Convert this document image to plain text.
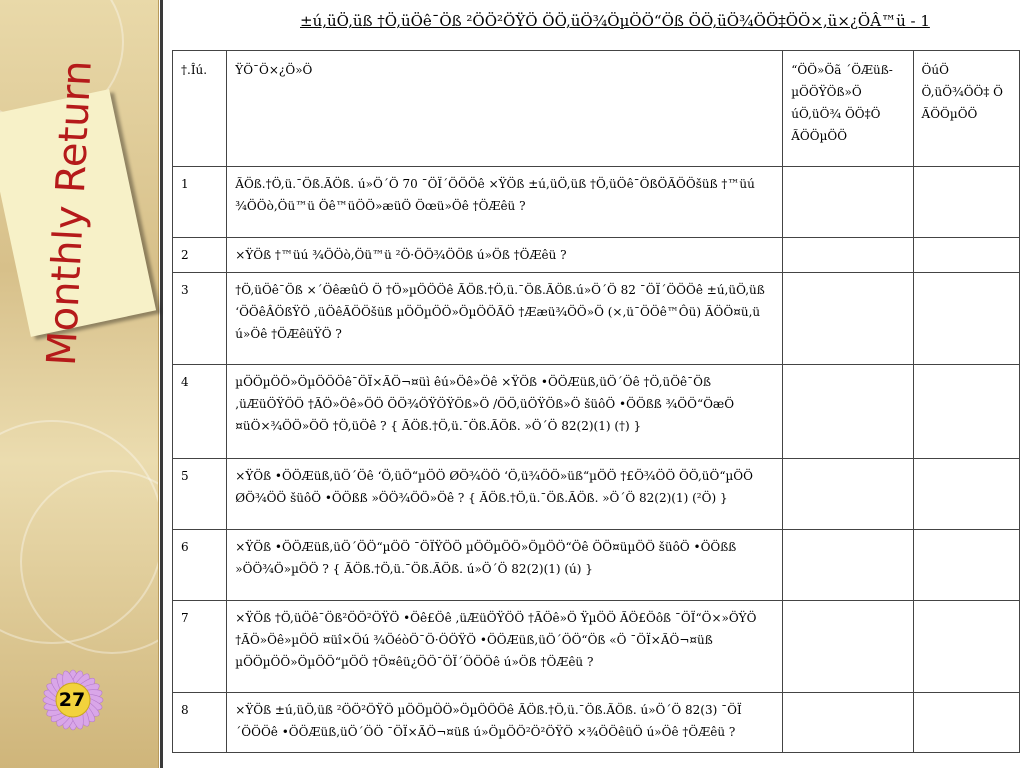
Monthly Return
27
±ú,üÖ,üß †Ö,üÖê¯Öß ²ÖÖ²ÖŸÖ ÖÖ,üÖ¾ÖµÖÖ“Öß ÖÖ,üÖ¾ÖÖ‡ÖÖ×,ü×¿ÖÂ™ü - 1
†.Îú.	ŸÖ¯Ö×¿Ö»Ö	“ÖÖ»Öã ´ÖÆüß-µÖÖŸÖß»Ö úÖ,üÖ¾ ÖÖ‡Ö ÃÖÖµÖÖ	ÖúÖ Ö,üÖ¾ÖÖ‡ Ö ÃÖÖµÖÖ
1	ÃÖß.†Ö,ü.¯Öß.ÃÖß. ú»Ö´Ö 70 ¯ÖÏ´ÖÖÖê ×ŸÖß ±ú,üÖ,üß †Ö,üÖê¯ÖßÖÃÖÖšüß †™üú ¾ÖÖò,Öü™ü Öê™üÖÖ»æüÖ Öœü»Öê †ÖÆêü ?		
2	×ŸÖß †™üú ¾ÖÖò,Öü™ü ²Ö·ÖÖ¾ÖÖß ú»Öß †ÖÆêü ?		
3	†Ö,üÖê¯Öß ×´ÖêæûÖ Ö †Ö»µÖÖÖê ÃÖß.†Ö,ü.¯Öß.ÃÖß.ú»Ö´Ö 82 ¯ÖÏ´ÖÖÖê ±ú,üÖ,üß ‘ÖÖêÂÖßŸÖ ,üÖêÃÖÖšüß µÖÖµÖÖ»ÖµÖÖÃÖ †Ææü¾ÖÖ»Ö (×,ü¯ÖÖê™Ôü) ÃÖÖ¤ü,ü ú»Öê †ÖÆêüŸÖ ?		
4	µÖÖµÖÖ»ÖµÖÖÖê¯ÖÏ×ÃÖ¬¤üì êú»Öê»Öê ×ŸÖß •ÖÖÆüß,üÖ´Öê †Ö,üÖê¯Öß ,üÆüÖŸÖÖ †ÃÖ»Öê»ÖÖ ÖÖ¾ÖŸÖŸÖß»Ö /ÖÖ,üÖŸÖß»Ö šüôÖ •ÖÖßß ¾ÖÖ“ÖæÖ ¤üÖ×¾ÖÖ»ÖÖ †Ö,üÖê ? { ÃÖß.†Ö,ü.¯Öß.ÃÖß. »Ö´Ö 82(2)(1) (†) }		
5	×ŸÖß •ÖÖÆüß,üÖ´Öê ‘Ö,üÖ“µÖÖ ØÖ¾ÖÖ ‘Ö,ü¾ÖÖ»üß“µÖÖ †£Ö¾ÖÖ ÖÖ,üÖ“µÖÖ ØÖ¾ÖÖ šüôÖ •ÖÖßß »ÖÖ¾ÖÖ»Öê ? { ÃÖß.†Ö,ü.¯Öß.ÃÖß. »Ö´Ö 82(2)(1) (²Ö) }		
6	×ŸÖß •ÖÖÆüß,üÖ´ÖÖ“µÖÖ ¯ÖÏŸÖÖ µÖÖµÖÖ»ÖµÖÖ“Öê ÖÖ¤üµÖÖ šüôÖ •ÖÖßß »ÖÖ¾Ö»µÖÖ ? { ÃÖß.†Ö,ü.¯Öß.ÃÖß. ú»Ö´Ö 82(2)(1) (ú) }		
7	×ŸÖß †Ö,üÖê¯Öß²ÖÖ²ÖŸÖ •Öê£Öê ,üÆüÖŸÖÖ †ÃÖê»Ö ŸµÖÖ ÃÖ£Öôß ¯ÖÏ“Ö×»ÖŸÖ †ÃÖ»Öê»µÖÖ ¤üî×Öú ¾ÖéòÖ¯Ö·ÖÖŸÖ •ÖÖÆüß,üÖ´ÖÖ“Öß «Ö ¯ÖÏ×ÃÖ¬¤üß µÖÖµÖÖ»ÖµÖÖ“µÖÖ †Ö¤êü¿ÖÖ¯ÖÏ´ÖÖÖê ú»Öß †ÖÆêü ?		
8	×ŸÖß ±ú,üÖ,üß ²ÖÖ²ÖŸÖ µÖÖµÖÖ»ÖµÖÖÖê ÃÖß.†Ö,ü.¯Öß.ÃÖß. ú»Ö´Ö 82(3) ¯ÖÏ´ÖÖÖê •ÖÖÆüß,üÖ´ÖÖ ¯ÖÏ×ÃÖ¬¤üß ú»ÖµÖÖ²Ö²ÖŸÖ ×¾ÖÖêüÖ ú»Öê †ÖÆêü ?		
